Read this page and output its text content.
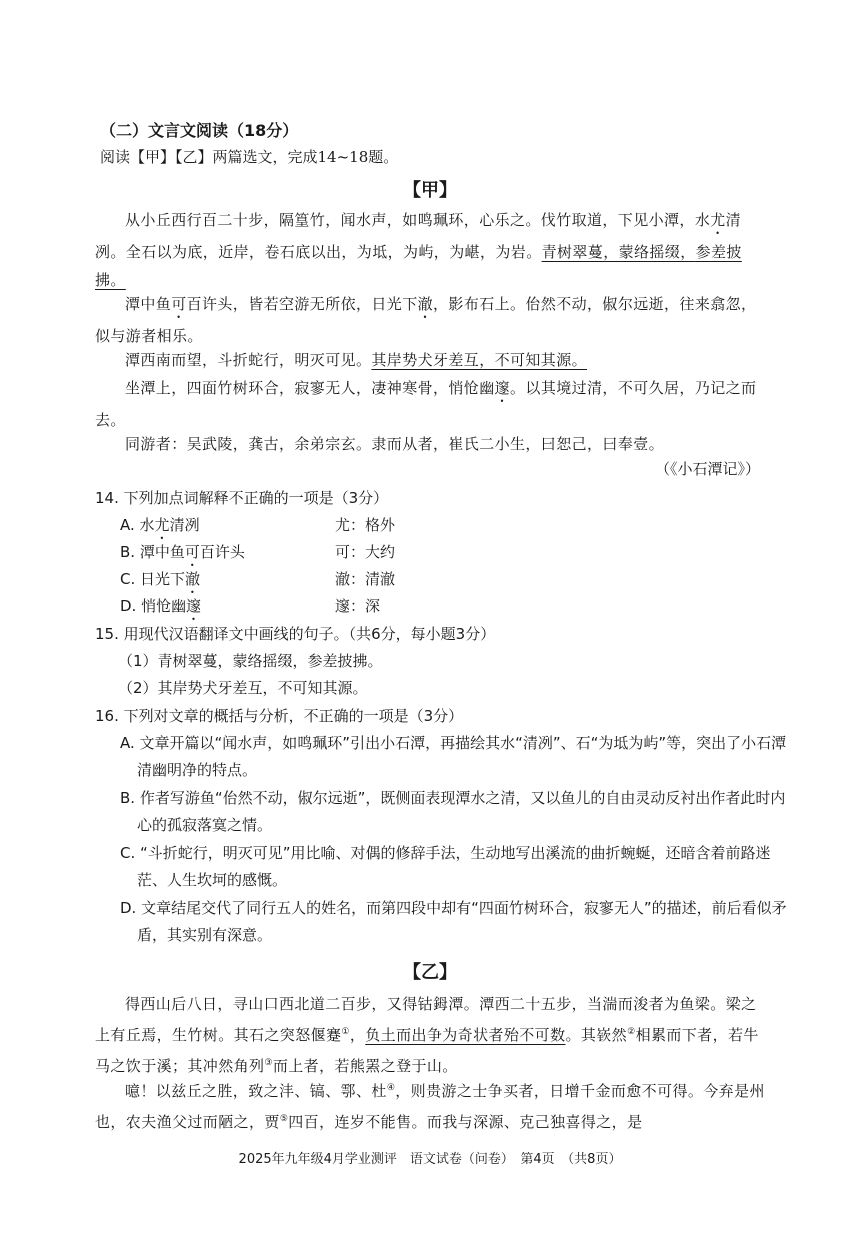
（二）文言文阅读（18分）
阅读【甲】【乙】两篇选文，完成14~18题。
【甲】
从小丘西行百二十步，隔篁竹，闻水声，如鸣珮环，心乐之。伐竹取道，下见小潭，水尤清冽。全石以为底，近岸，卷石底以出，为坻，为屿，为嵁，为岩。青树翠蔓，蒙络摇缀，参差披拂。
潭中鱼可百许头，皆若空游无所依，日光下澈，影布石上。佁然不动，俶尔远逝，往来翕忽，似与游者相乐。
潭西南而望，斗折蛇行，明灭可见。其岸势犬牙差互，不可知其源。
坐潭上，四面竹树环合，寂寥无人，凄神寒骨，悄怆幽邃。以其境过清，不可久居，乃记之而去。
同游者：吴武陵，龚古，余弟宗玄。隶而从者，崔氏二小生，曰恕己，曰奉壹。
（《小石潭记》）
14. 下列加点词解释不正确的一项是（3分）
A. 水尤清冽	尤：格外
B. 潭中鱼可百许头	可：大约
C. 日光下澈	澈：清澈
D. 悄怆幽邃	邃：深
15. 用现代汉语翻译文中画线的句子。（共6分，每小题3分）
（1）青树翠蔓，蒙络摇缀，参差披拂。
（2）其岸势犬牙差互，不可知其源。
16. 下列对文章的概括与分析，不正确的一项是（3分）
A. 文章开篇以“闻水声，如鸣珮环”引出小石潭，再描绘其水“清冽”、石“为坻为屿”等，突出了小石潭清幽明净的特点。
B. 作者写游鱼“佁然不动，俶尔远逝”，既侧面表现潭水之清，又以鱼儿的自由灵动反衬出作者此时内心的孤寂落寞之情。
C. “斗折蛇行，明灭可见”用比喻、对偶的修辞手法，生动地写出溪流的曲折蜿蜒，还暗含着前路迷茫、人生坎坷的感慨。
D. 文章结尾交代了同行五人的姓名，而第四段中却有“四面竹树环合，寂寥无人”的描述，前后看似矛盾，其实别有深意。
【乙】
得西山后八日，寻山口西北道二百步，又得钴鉧潭。潭西二十五步，当湍而浚者为鱼梁。梁之上有丘焉，生竹树。其石之突怒偃蹇①，负土而出争为奇状者殆不可数。其嵚然②相累而下者，若牛马之饮于溪；其冲然角列③而上者，若熊罴之登于山。
噫！以兹丘之胜，致之沣、镐、鄠、杜④，则贵游之士争买者，日增千金而愈不可得。今弃是州也，农夫渔父过而陋之，贾⑤四百，连岁不能售。而我与深源、克己独喜得之，是
2025年九年级4月学业测评　语文试卷（问卷）　第4页　（共8页）
